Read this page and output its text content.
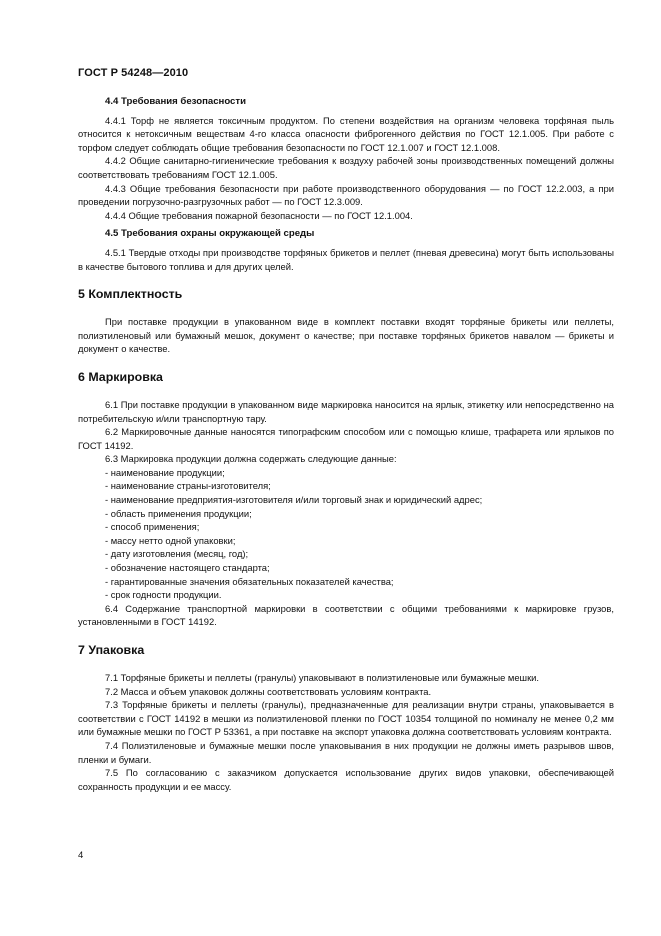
ГОСТ Р 54248—2010
4.4 Требования безопасности

4.4.1 Торф не является токсичным продуктом. По степени воздействия на организм человека торфяная пыль относится к нетоксичным веществам 4-го класса опасности фиброгенного действия по ГОСТ 12.1.005. При работе с торфом следует соблюдать общие требования безопасности по ГОСТ 12.1.007 и ГОСТ 12.1.008.

4.4.2 Общие санитарно-гигиенические требования к воздуху рабочей зоны производственных помещений должны соответствовать требованиям ГОСТ 12.1.005.

4.4.3 Общие требования безопасности при работе производственного оборудования — по ГОСТ 12.2.003, а при проведении погрузочно-разгрузочных работ — по ГОСТ 12.3.009.

4.4.4 Общие требования пожарной безопасности — по ГОСТ 12.1.004.

4.5 Требования охраны окружающей среды

4.5.1 Твердые отходы при производстве торфяных брикетов и пеллет (пневая древесина) могут быть использованы в качестве бытового топлива и для других целей.

5 Комплектность

При поставке продукции в упакованном виде в комплект поставки входят торфяные брикеты или пеллеты, полиэтиленовый или бумажный мешок, документ о качестве; при поставке торфяных брикетов навалом — брикеты и документ о качестве.

6 Маркировка

6.1 При поставке продукции в упакованном виде маркировка наносится на ярлык, этикетку или непосредственно на потребительскую и/или транспортную тару.

6.2 Маркировочные данные наносятся типографским способом или с помощью клише, трафарета или ярлыков по ГОСТ 14192.

6.3 Маркировка продукции должна содержать следующие данные:

- наименование продукции;

- наименование страны-изготовителя;

- наименование предприятия-изготовителя и/или торговый знак и юридический адрес;

- область применения продукции;

- способ применения;

- массу нетто одной упаковки;

- дату изготовления (месяц, год);

- обозначение настоящего стандарта;

- гарантированные значения обязательных показателей качества;

- срок годности продукции.

6.4 Содержание транспортной маркировки в соответствии с общими требованиями к маркировке грузов, установленными в ГОСТ 14192.

7 Упаковка

7.1 Торфяные брикеты и пеллеты (гранулы) упаковывают в полиэтиленовые или бумажные мешки.

7.2 Масса и объем упаковок должны соответствовать условиям контракта.

7.3 Торфяные брикеты и пеллеты (гранулы), предназначенные для реализации внутри страны, упаковывается в соответствии с ГОСТ 14192 в мешки из полиэтиленовой пленки по ГОСТ 10354 толщиной по номиналу не менее 0,2 мм или бумажные мешки по ГОСТ Р 53361, а при поставке на экспорт упаковка должна соответствовать условиям контракта.

7.4 Полиэтиленовые и бумажные мешки после упаковывания в них продукции не должны иметь разрывов швов, пленки и бумаги.

7.5 По согласованию с заказчиком допускается использование других видов упаковки, обеспечивающей сохранность продукции и ее массу.

4
